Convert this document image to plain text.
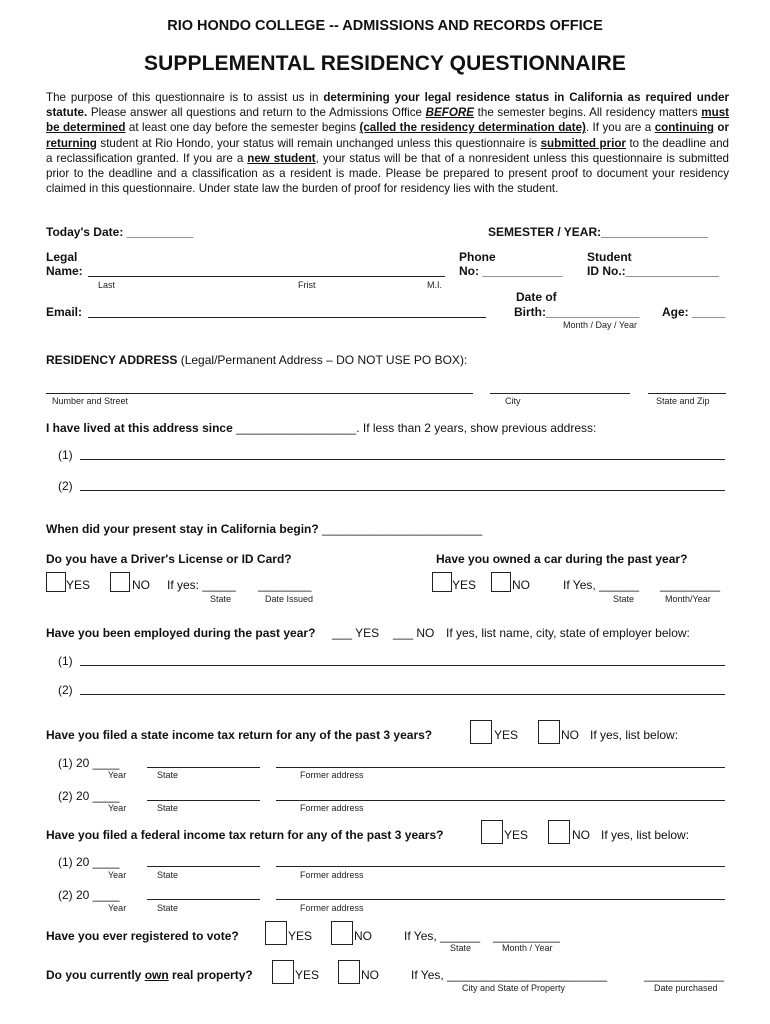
RIO HONDO COLLEGE -- ADMISSIONS AND RECORDS OFFICE
SUPPLEMENTAL RESIDENCY QUESTIONNAIRE
The purpose of this questionnaire is to assist us in determining your legal residence status in California as required under statute. Please answer all questions and return to the Admissions Office BEFORE the semester begins. All residency matters must be determined at least one day before the semester begins (called the residency determination date). If you are a continuing or returning student at Rio Hondo, your status will remain unchanged unless this questionnaire is submitted prior to the deadline and a reclassification granted. If you are a new student, your status will be that of a nonresident unless this questionnaire is submitted prior to the deadline and a classification as a resident is made. Please be prepared to present proof to document your residency claimed in this questionnaire. Under state law the burden of proof for residency lies with the student.
Today's Date: __________	SEMESTER / YEAR:________________
Legal
Name:
Last	Frist	M.I.
Phone
No: ____________
Student
ID No.:______________
Email:
Date of
Birth:______________ Age: _____
Month / Day / Year
RESIDENCY ADDRESS (Legal/Permanent Address – DO NOT USE PO BOX):
Number and Street	City	State and Zip
I have lived at this address since __________________. If less than 2 years, show previous address:
(1)
(2)
When did your present stay in California begin? ________________________
Do you have a Driver's License or ID Card?
YES	NO If yes: _____ ________
State	Date Issued
Have you owned a car during the past year?
YES	NO	If Yes, ______ _________
State	Month/Year
Have you been employed during the past year? ___ YES ___ NO If yes, list name, city, state of employer below:
(1)
(2)
Have you filed a state income tax return for any of the past 3 years?	YES	NO If yes, list below:
(1) 20 ____
Year	State	Former address
(2) 20 ____
Year	State	Former address
Have you filed a federal income tax return for any of the past 3 years?	YES	NO If yes, list below:
(1) 20 ____
Year	State	Former address
(2) 20 ____
Year	State	Former address
Have you ever registered to vote?	YES	NO	If Yes, ______ __________
State	Month / Year
Do you currently own real property?	YES	NO	If Yes, ________________________	____________
City and State of Property	Date purchased
